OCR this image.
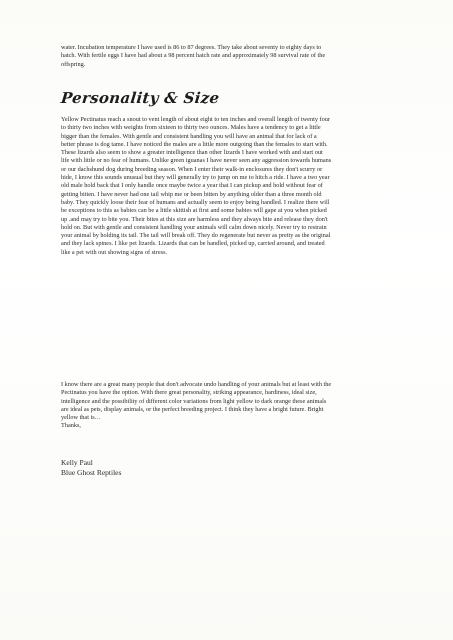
water. Incubation temperature I have used is 86 to 87 degrees. They take about seventy to eighty days to
hatch. With fertile eggs I have had about a 98 percent hatch rate and approximately 98 survival rate of the
offspring.
Personality & Size
Yellow Pectinatus reach a snout to vent length of about eight to ten inches and overall length of twenty four
to thirty two inches with weights from sixteen to thirty two ounces. Males have a tendency to get a little
bigger than the females. With gentle and consistent handling you will have an animal that for lack of a
better phrase is dog tame. I have noticed the males are a little more outgoing than the females to start with.
These lizards also seem to show a greater intelligence than other lizards I have worked with and start out
life with little or no fear of humans. Unlike green iguanas I have never seen any aggression towards humans
or our dachshund dog during breeding season. When I enter their walk-in enclosures they don't scurry or
hide, I know this sounds unusual but they will generally try to jump on me to hitch a ride. I have a two year
old male hold back that I only handle once maybe twice a year that I can pickup and hold without fear of
getting bitten. I have never had one tail whip me or been bitten by anything older than a three month old
baby. They quickly loose their fear of humans and actually seem to enjoy being handled. I realize there will
be exceptions to this as babies can be a little skittish at first and some babies will gape at you when picked
up .and may try to bite you. Their bites at this size are harmless and they always bite and release they don't
hold on. But with gentle and consistent handling your animals will calm down nicely. Never try to restrain
your animal by holding its tail. The tail will break off. They do regenerate but never as pretty as the original
and they lack spines. I like pet lizards. Lizards that can be handled, picked up, carried around, and treated
like a pet with out showing signs of stress.
I know there are a great many people that don't advocate undo handling of your animals but at least with the
Pectinatus you have the option. With there great personality, striking appearance, hardiness, ideal size,
intelligence and the possibility of different color variations from light yellow to dark orange these animals
are ideal as pets, display animals, or the perfect breeding project. I think they have a bright future. Bright
yellow that is…
Thanks,
Kelly Paul
Blue Ghost Reptiles
